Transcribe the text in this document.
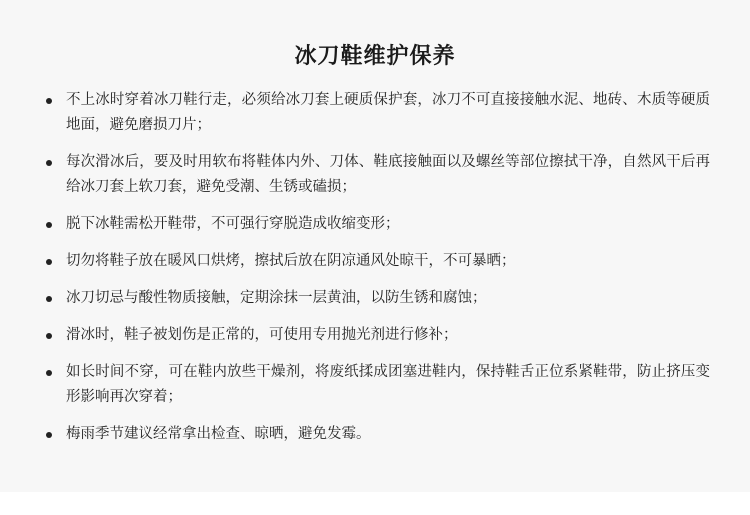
冰刀鞋维护保养
不上冰时穿着冰刀鞋行走，必须给冰刀套上硬质保护套，冰刀不可直接接触水泥、地砖、木质等硬质地面，避免磨损刀片；
每次滑冰后，要及时用软布将鞋体内外、刀体、鞋底接触面以及螺丝等部位擦拭干净，自然风干后再给冰刀套上软刀套，避免受潮、生锈或磕损；
脱下冰鞋需松开鞋带，不可强行穿脱造成收缩变形；
切勿将鞋子放在暖风口烘烤，擦拭后放在阴凉通风处晾干，不可暴晒；
冰刀切忌与酸性物质接触，定期涂抹一层黄油，以防生锈和腐蚀；
滑冰时，鞋子被划伤是正常的，可使用专用抛光剂进行修补；
如长时间不穿，可在鞋内放些干燥剂，将废纸揉成团塞进鞋内，保持鞋舌正位系紧鞋带，防止挤压变形影响再次穿着；
梅雨季节建议经常拿出检查、晾晒，避免发霉。
